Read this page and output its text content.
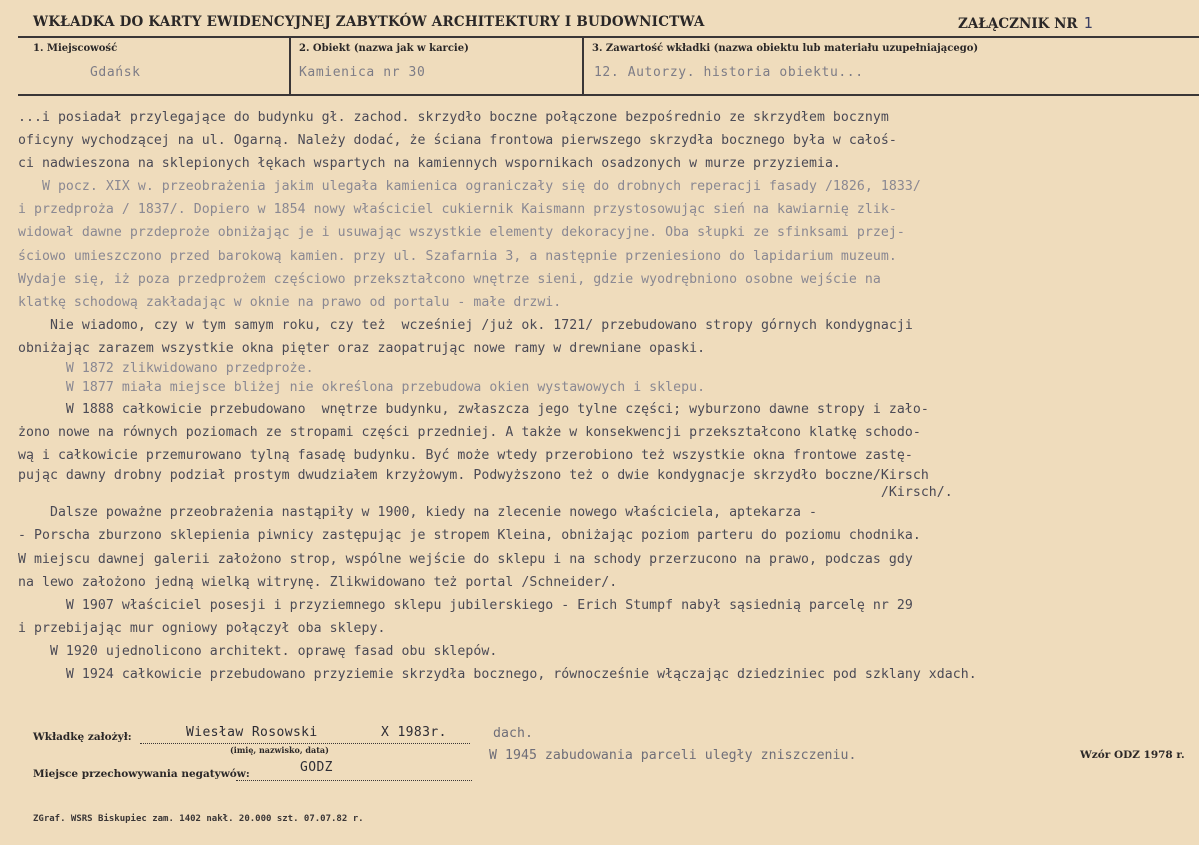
WKŁADKA DO KARTY EWIDENCYJNEJ ZABYTKÓW ARCHITEKTURY I BUDOWNICTWA	ZAŁĄCZNIK NR 1
1. Miejscowość	2. Obiekt (nazwa jak w karcie)	3. Zawartość wkładki (nazwa obiektu lub materiału uzupełniającego)
Gdańsk	Kamienica nr 30	12. Autorzy. historia obiektu...
...i posiadał przylegające do budynku gł. zachod. skrzydło boczne połączone bezpośrednio ze skrzydłem bocznym
oficyny wychodzącej na ul. Ogarną. Należy dodać, że ściana frontowa pierwszego skrzydła bocznego była w całoś-
ci nadwieszona na sklepionych łękach wspartych na kamiennych wspornikach osadzonych w murze przyziemia.
W pocz. XIX w. przeobrażenia jakim ulegała kamienica ograniczały się do drobnych reperacji fasady /1826, 1833/
i przedproża / 1837/. Dopiero w 1854 nowy właściciel cukiernik Kaismann przystosowując sień na kawiarnię zlik-
widował dawne przdeproże obniżając je i usuwając wszystkie elementy dekoracyjne. Oba słupki ze sfinksami przej-
ściowo umieszczono przed barokową kamien. przy ul. Szafarnia 3, a następnie przeniesiono do lapidarium muzeum.
Wydaje się, iż poza przedprożem częściowo przekształcono wnętrze sieni, gdzie wyodrębniono osobne wejście na
klatkę schodową zakładając w oknie na prawo od portalu - małe drzwi.
Nie wiadomo, czy w tym samym roku, czy też  wcześniej /już ok. 1721/ przebudowano stropy górnych kondygnacji
obniżając zarazem wszystkie okna pięter oraz zaopatrując nowe ramy w drewniane opaski.
W 1872 zlikwidowano przedproże.
W 1877 miała miejsce bliżej nie określona przebudowa okien wystawowych i sklepu.
W 1888 całkowicie przebudowano  wnętrze budynku, zwłaszcza jego tylne części; wyburzono dawne stropy i zało-
żono nowe na równych poziomach ze stropami części przedniej. A także w konsekwencji przekształcono klatkę schodo-
wą i całkowicie przemurowano tylną fasadę budynku. Być może wtedy przerobiono też wszystkie okna frontowe zastę-
pując dawny drobny podział prostym dwudziałem krzyżowym. Podwyższono też o dwie kondygnacje skrzydło boczne/Kirsch
/Kirsch/.
Dalsze poważne przeobrażenia nastąpiły w 1900, kiedy na zlecenie nowego właściciela, aptekarza -
- Porscha zburzono sklepienia piwnicy zastępując je stropem Kleina, obniżając poziom parteru do poziomu chodnika.
W miejscu dawnej galerii założono strop, wspólne wejście do sklepu i na schody przerzucono na prawo, podczas gdy
na lewo założono jedną wielką witrynę. Zlikwidowano też portal /Schneider/.
W 1907 właściciel posesji i przyziemnego sklepu jubilerskiego - Erich Stumpf nabył sąsiednią parcelę nr 29
i przebijając mur ogniowy połączył oba sklepy.
W 1920 ujednolicono architekt. oprawę fasad obu sklepów.
W 1924 całkowicie przebudowano przyziemie skrzydła bocznego, równocześnie włączając dziedziniec pod szklany xdach.
dach.
W 1945 zabudowania parceli uległy zniszczeniu.
Wkładkę założył:	Wiesław Rosowski	X 1983r.
(imię, nazwisko, data)
Miejsce przechowywania negatywów:	GODZ
Wzór ODZ 1978 r.
ZGraf. WSRS Biskupiec zam. 1402 nakł. 20.000 szt. 07.07.82 r.
